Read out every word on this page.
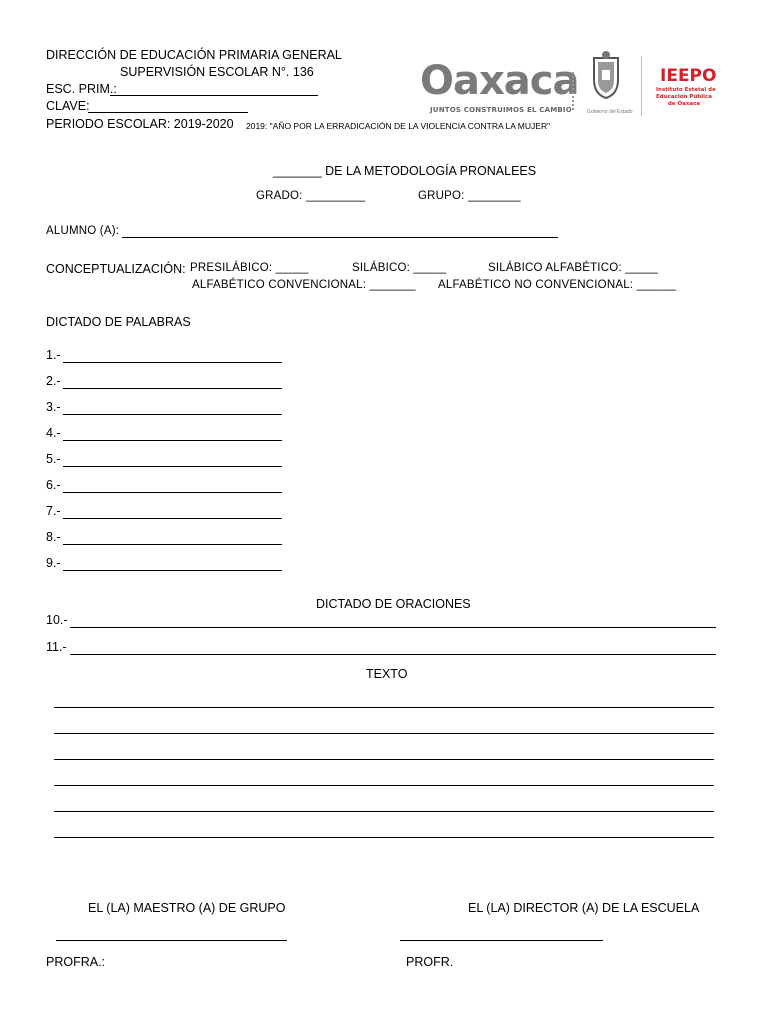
DIRECCIÓN DE EDUCACIÓN PRIMARIA GENERAL
SUPERVISIÓN ESCOLAR N°. 136
ESC. PRIM.:
CLAVE:
PERIODO ESCOLAR: 2019-2020 2019: "AÑO POR LA ERRADICACIÓN DE LA VIOLENCIA CONTRA LA MUJER"
Oaxaca
JUNTOS CONSTRUIMOS EL CAMBIO	Gobierno del Estado
IEEPO
Instituto Estatal de
Educación Pública
de Oaxaca
_______ DE LA METODOLOGÍA PRONALEES
GRADO: _________	GRUPO: ________
ALUMNO (A):
CONCEPTUALIZACIÓN: PRESILÁBICO: _____	SILÁBICO: _____	SILÁBICO ALFABÉTICO: _____
ALFABÉTICO CONVENCIONAL: _______ ALFABÉTICO NO CONVENCIONAL: ______
DICTADO DE PALABRAS
1.-
2.-
3.-
4.-
5.-
6.-
7.-
8.-
9.-
DICTADO DE ORACIONES
10.-
11.-
TEXTO
EL (LA) MAESTRO (A) DE GRUPO	EL (LA) DIRECTOR (A) DE LA ESCUELA
PROFRA.:	PROFR.
